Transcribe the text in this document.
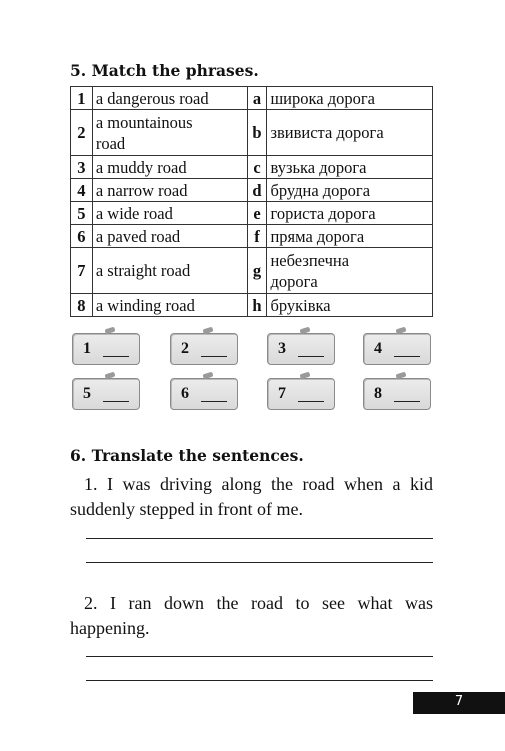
5. Match the phrases.
1	a dangerous road	a	широка дорога
2	a mountainous road	b	звивиста дорога
3	a muddy road	c	вузька дорога
4	a narrow road	d	брудна дорога
5	a wide road	e	гориста дорога
6	a paved road	f	пряма дорога
7	a straight road	g	небезпечна дорога
8	a winding road	h	бруківка
1	2	3	4
5	6	7	8
6. Translate the sentences.

1. I was driving along the road when a kid suddenly stepped in front of me.

2. I ran down the road to see what was happening.

7
